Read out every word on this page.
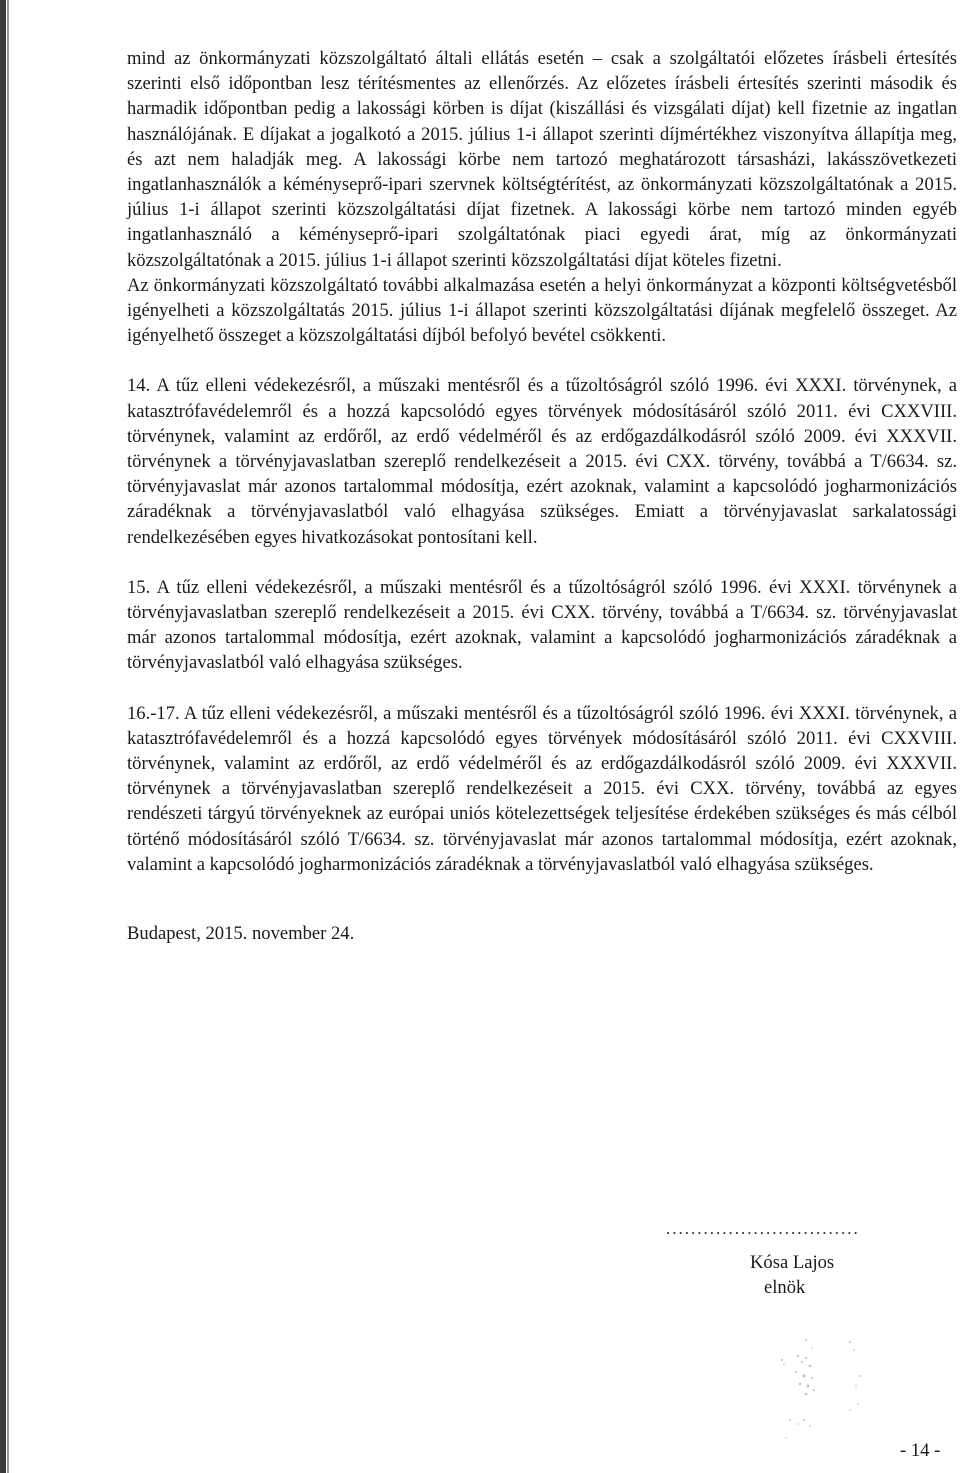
mind az önkormányzati közszolgáltató általi ellátás esetén – csak a szolgáltatói előzetes írásbeli értesítés szerinti első időpontban lesz térítésmentes az ellenőrzés. Az előzetes írásbeli értesítés szerinti második és harmadik időpontban pedig a lakossági körben is díjat (kiszállási és vizsgálati díjat) kell fizetnie az ingatlan használójának. E díjakat a jogalkotó a 2015. július 1-i állapot szerinti díjmértékhez viszonyítva állapítja meg, és azt nem haladják meg. A lakossági körbe nem tartozó meghatározott társasházi, lakásszövetkezeti ingatlanhasználók a kéményseprő-ipari szervnek költségtérítést, az önkormányzati közszolgáltatónak a 2015. július 1-i állapot szerinti közszolgáltatási díjat fizetnek. A lakossági körbe nem tartozó minden egyéb ingatlanhasználó a kéményseprő-ipari szolgáltatónak piaci egyedi árat, míg az önkormányzati közszolgáltatónak a 2015. július 1-i állapot szerinti közszolgáltatási díjat köteles fizetni.

Az önkormányzati közszolgáltató további alkalmazása esetén a helyi önkormányzat a központi költségvetésből igényelheti a közszolgáltatás 2015. július 1-i állapot szerinti közszolgáltatási díjának megfelelő összeget. Az igényelhető összeget a közszolgáltatási díjból befolyó bevétel csökkenti.

14. A tűz elleni védekezésről, a műszaki mentésről és a tűzoltóságról szóló 1996. évi XXXI. törvénynek, a katasztrófavédelemről és a hozzá kapcsolódó egyes törvények módosításáról szóló 2011. évi CXXVIII. törvénynek, valamint az erdőről, az erdő védelméről és az erdőgazdálkodásról szóló 2009. évi XXXVII. törvénynek a törvényjavaslatban szereplő rendelkezéseit a 2015. évi CXX. törvény, továbbá a T/6634. sz. törvényjavaslat már azonos tartalommal módosítja, ezért azoknak, valamint a kapcsolódó jogharmonizációs záradéknak a törvényjavaslatból való elhagyása szükséges. Emiatt a törvényjavaslat sarkalatossági rendelkezésében egyes hivatkozásokat pontosítani kell.

15. A tűz elleni védekezésről, a műszaki mentésről és a tűzoltóságról szóló 1996. évi XXXI. törvénynek a törvényjavaslatban szereplő rendelkezéseit a 2015. évi CXX. törvény, továbbá a T/6634. sz. törvényjavaslat már azonos tartalommal módosítja, ezért azoknak, valamint a kapcsolódó jogharmonizációs záradéknak a törvényjavaslatból való elhagyása szükséges.

16.-17. A tűz elleni védekezésről, a műszaki mentésről és a tűzoltóságról szóló 1996. évi XXXI. törvénynek, a katasztrófavédelemről és a hozzá kapcsolódó egyes törvények módosításáról szóló 2011. évi CXXVIII. törvénynek, valamint az erdőről, az erdő védelméről és az erdőgazdálkodásról szóló 2009. évi XXXVII. törvénynek a törvényjavaslatban szereplő rendelkezéseit a 2015. évi CXX. törvény, továbbá az egyes rendészeti tárgyú törvényeknek az európai uniós kötelezettségek teljesítése érdekében szükséges és más célból történő módosításáról szóló T/6634. sz. törvényjavaslat már azonos tartalommal módosítja, ezért azoknak, valamint a kapcsolódó jogharmonizációs záradéknak a törvényjavaslatból való elhagyása szükséges.

Budapest, 2015. november 24.

...............................
Kósa Lajos
elnök
- 14 -
